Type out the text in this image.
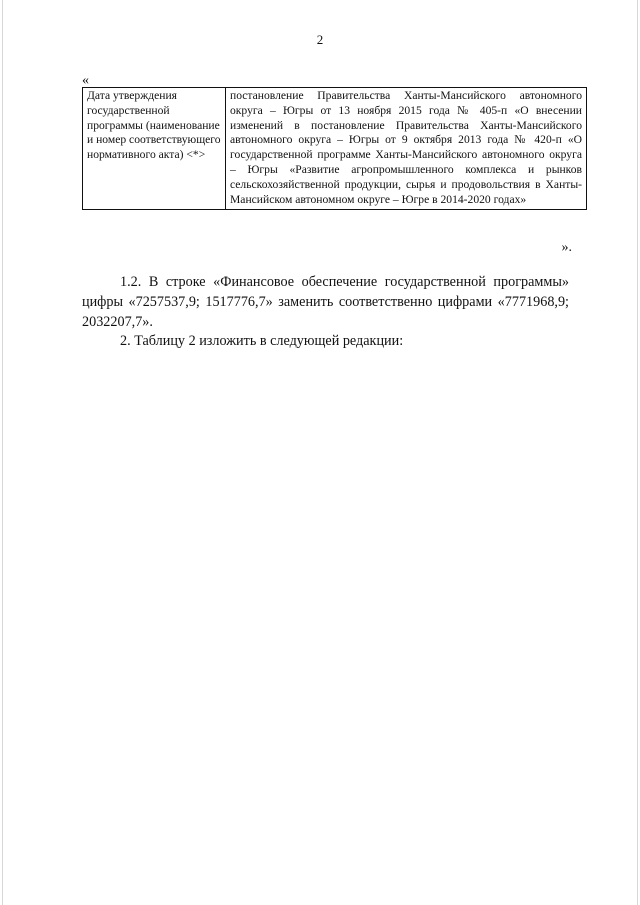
2
«
Дата утверждения государственной программы (наименование и номер соответствующего нормативного акта) <*>	постановление Правительства Ханты-Мансийского автономного округа – Югры от 13 ноября 2015 года № 405-п «О внесении изменений в постановление Правительства Ханты-Мансийского автономного округа – Югры от 9 октября 2013 года № 420-п «О государственной программе Ханты-Мансийского автономного округа – Югры «Развитие агропромышленного комплекса и рынков сельскохозяйственной продукции, сырья и продовольствия в Ханты-Мансийском автономном округе – Югре в 2014-2020 годах»
».

1.2. В строке «Финансовое обеспечение государственной программы» цифры «7257537,9; 1517776,7» заменить соответственно цифрами «7771968,9; 2032207,7».

2. Таблицу 2 изложить в следующей редакции:
